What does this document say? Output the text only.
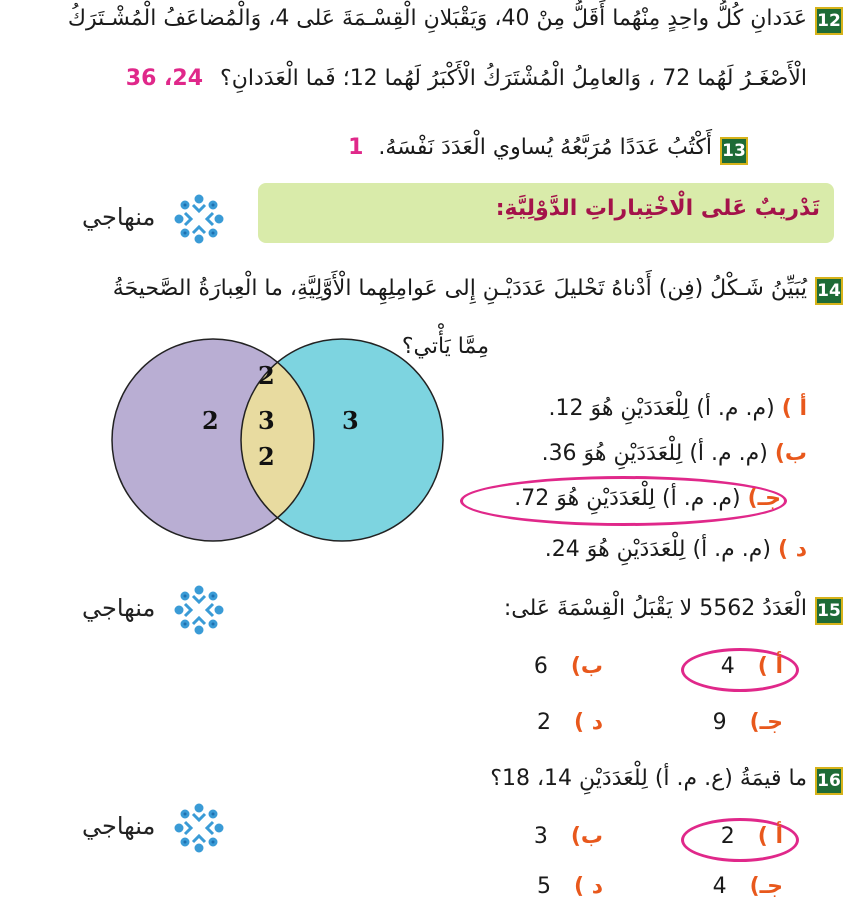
12
عَدَدانِ كُلُّ واحِدٍ مِنْهُما أَقَلُّ مِنْ 40، وَيَقْبَلانِ الْقِسْـمَةَ عَلى 4، وَالْمُضاعَفُ الْمُشْـتَرَكُ
الْأَصْغَـرُ لَهُما 72 ، وَالعامِلُ الْمُشْتَرَكُ الْأَكْبَرُ لَهُما 12؛ فَما الْعَدَدانِ؟ 24، 36
13
أَكْتُبُ عَدَدًا مُرَبَّعُهُ يُساوي الْعَدَدَ نَفْسَهُ. 1
تَدْريبٌ عَلى الْاخْتِباراتِ الدَّوْلِيَّةِ:
منهاجي
منهاجي
منهاجي
14
يُبَيِّنُ شَـكْلُ (فِن) أَدْناهُ تَحْليلَ عَدَدَيْـنِ إِلى عَوامِلِهِما الْأَوَّلِيَّةِ، ما الْعِبارَةُ الصَّحيحَةُ
مِمَّا يَأْتي؟
2
2
3
2
3	أ ) (م. م. أ) لِلْعَدَدَيْنِ هُوَ 12.
ب) (م. م. أ) لِلْعَدَدَيْنِ هُوَ 36.
جـ) (م. م. أ) لِلْعَدَدَيْنِ هُوَ 72.
د ) (م. م. أ) لِلْعَدَدَيْنِ هُوَ 24.
15
الْعَدَدُ 5562 لا يَقْبَلُ الْقِسْمَةَ عَلى:
أ ) 4
ب) 6
جـ) 9
د ) 2
16
ما قيمَةُ (ع. م. أ) لِلْعَدَدَيْنِ 14، 18؟
أ ) 2
ب) 3
جـ) 4
د ) 5
